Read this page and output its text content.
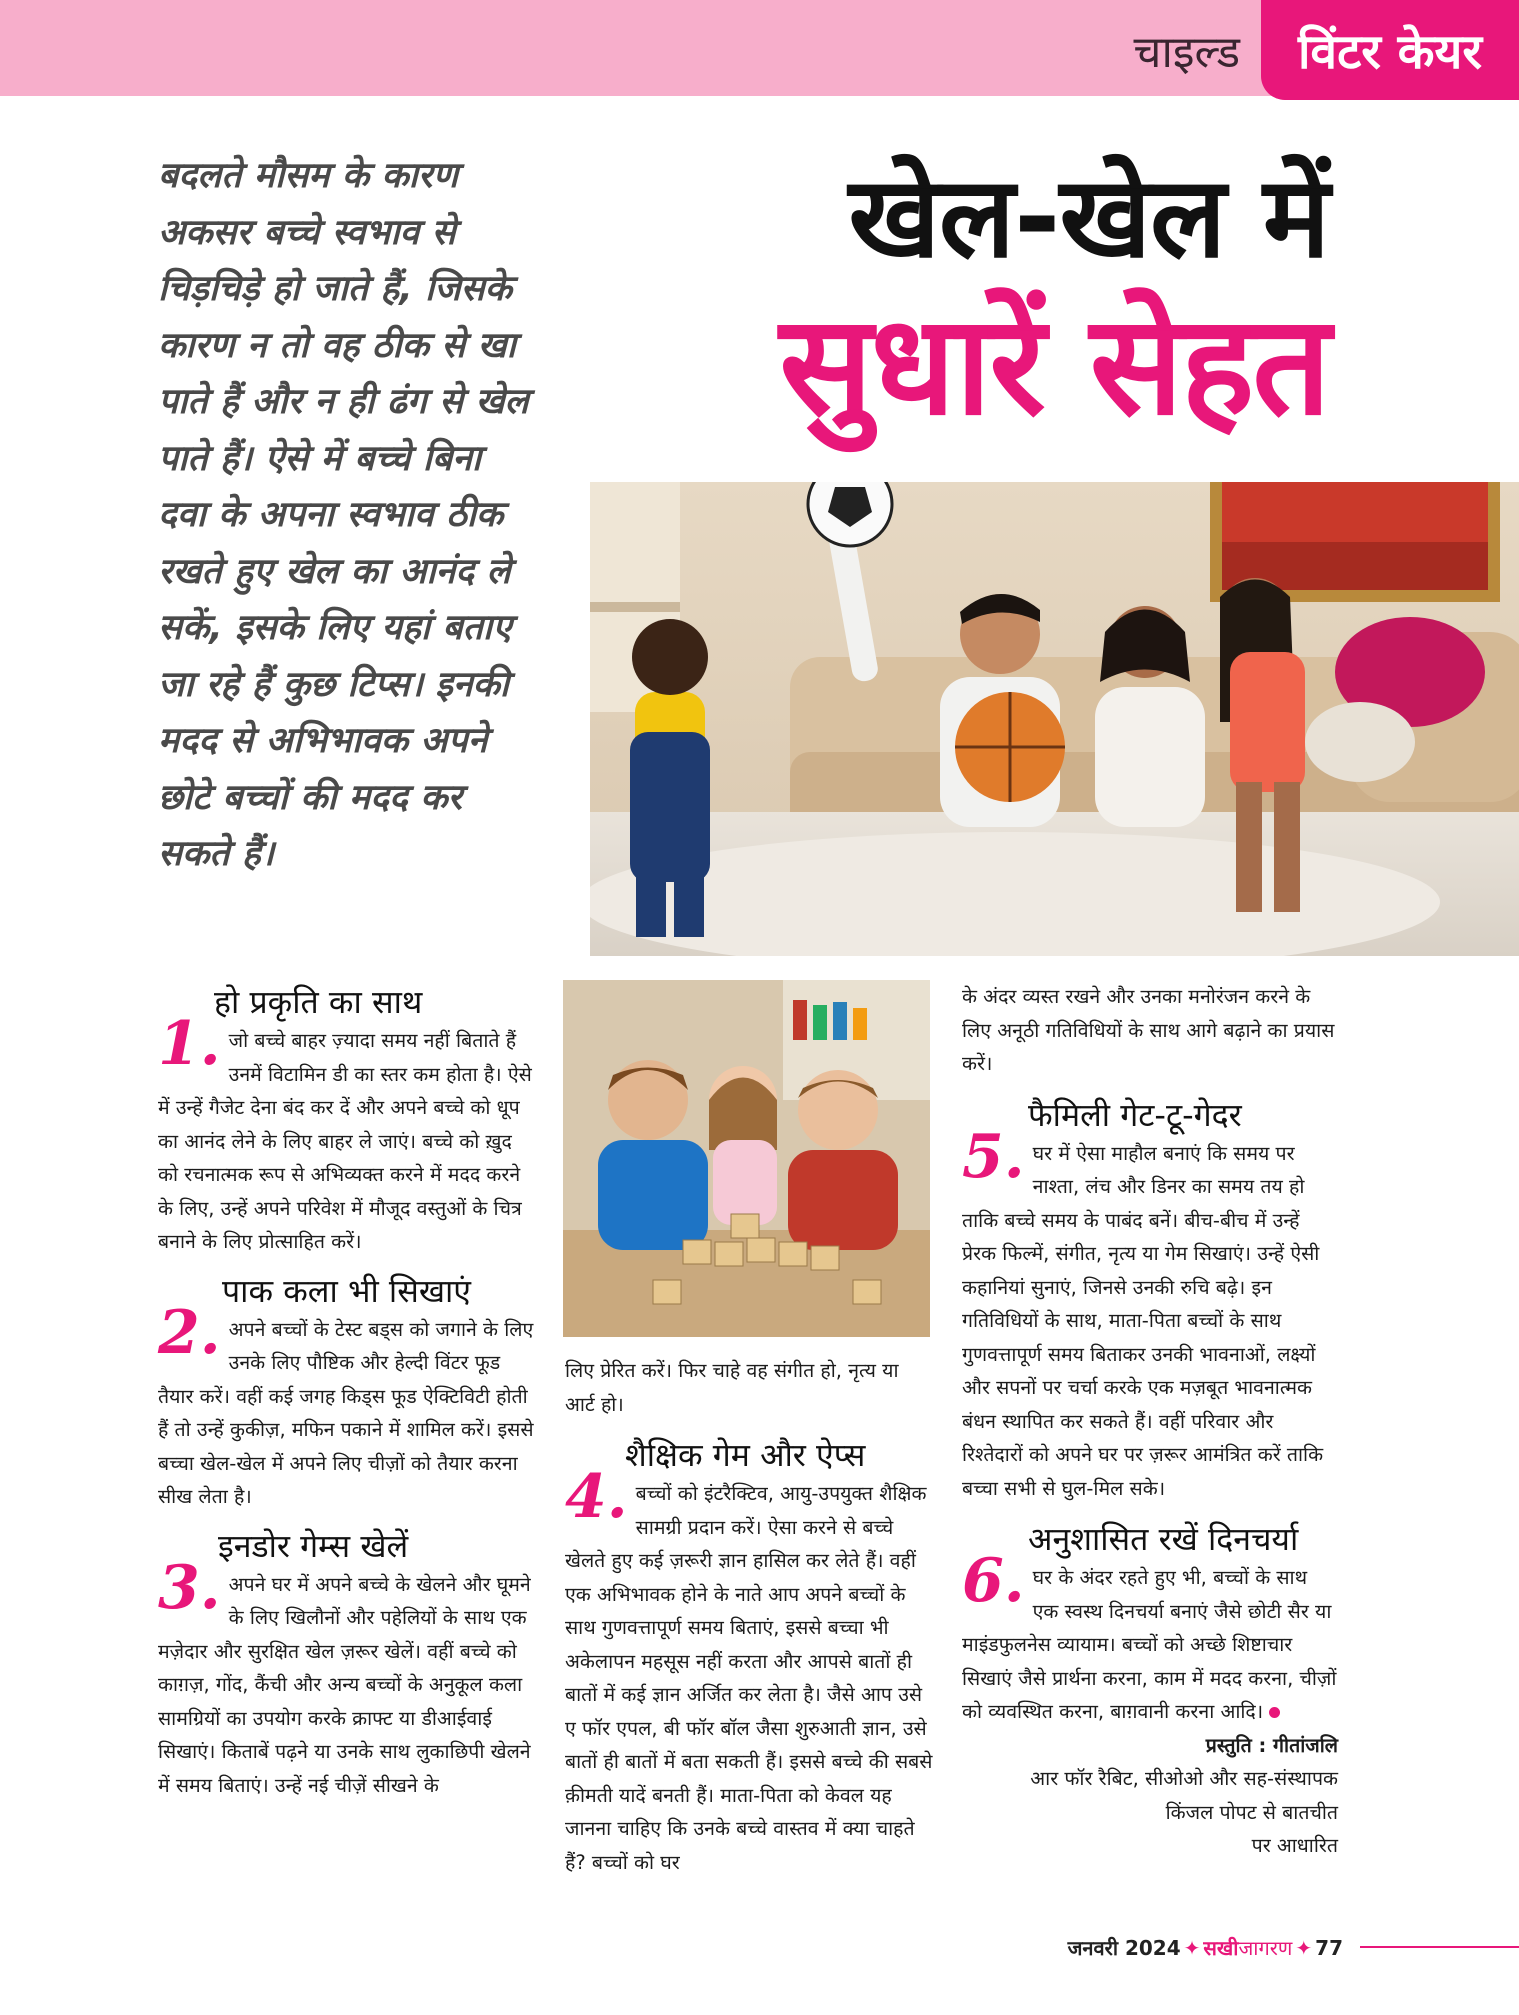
चाइल्ड	विंटर केयर
बदलते मौसम के कारण अकसर बच्चे स्वभाव से चिड़चिड़े हो जाते हैं, जिसके कारण न तो वह ठीक से खा पाते हैं और न ही ढंग से खेल पाते हैं। ऐसे में बच्चे बिना दवा के अपना स्वभाव ठीक रखते हुए खेल का आनंद ले सकें, इसके लिए यहां बताए जा रहे हैं कुछ टिप्स। इनकी मदद से अभिभावक अपने छोटे बच्चों की मदद कर सकते हैं।
खेल-खेल में
सुधारें सेहत
हो प्रकृति का साथ
1. जो बच्चे बाहर ज़्यादा समय नहीं बिताते हैं उनमें विटामिन डी का स्तर कम होता है। ऐसे में उन्हें गैजेट देना बंद कर दें और अपने बच्चे को धूप का आनंद लेने के लिए बाहर ले जाएं। बच्चे को ख़ुद को रचनात्मक रूप से अभिव्यक्त करने में मदद करने के लिए, उन्हें अपने परिवेश में मौजूद वस्तुओं के चित्र बनाने के लिए प्रोत्साहित करें।

पाक कला भी सिखाएं
2. अपने बच्चों के टेस्ट बड्स को जगाने के लिए उनके लिए पौष्टिक और हेल्दी विंटर फूड तैयार करें। वहीं कई जगह किड्स फूड ऐक्टिविटी होती हैं तो उन्हें कुकीज़, मफिन पकाने में शामिल करें। इससे बच्चा खेल-खेल में अपने लिए चीज़ों को तैयार करना सीख लेता है।

इनडोर गेम्स खेलें
3. अपने घर में अपने बच्चे के खेलने और घूमने के लिए खिलौनों और पहेलियों के साथ एक मज़ेदार और सुरक्षित खेल ज़रूर खेलें। वहीं बच्चे को काग़ज़, गोंद, कैंची और अन्य बच्चों के अनुकूल कला सामग्रियों का उपयोग करके क्राफ्ट या डीआईवाई सिखाएं। किताबें पढ़ने या उनके साथ लुकाछिपी खेलने में समय बिताएं। उन्हें नई चीज़ें सीखने के

लिए प्रेरित करें। फिर चाहे वह संगीत हो, नृत्य या आर्ट हो।

शैक्षिक गेम और ऐप्स
4. बच्चों को इंटरैक्टिव, आयु-उपयुक्त शैक्षिक सामग्री प्रदान करें। ऐसा करने से बच्चे खेलते हुए कई ज़रूरी ज्ञान हासिल कर लेते हैं। वहीं एक अभिभावक होने के नाते आप अपने बच्चों के साथ गुणवत्तापूर्ण समय बिताएं, इससे बच्चा भी अकेलापन महसूस नहीं करता और आपसे बातों ही बातों में कई ज्ञान अर्जित कर लेता है। जैसे आप उसे ए फॉर एपल, बी फॉर बॉल जैसा शुरुआती ज्ञान, उसे बातों ही बातों में बता सकती हैं। इससे बच्चे की सबसे क़ीमती यादें बनती हैं। माता-पिता को केवल यह जानना चाहिए कि उनके बच्चे वास्तव में क्या चाहते हैं? बच्चों को घर

के अंदर व्यस्त रखने और उनका मनोरंजन करने के लिए अनूठी गतिविधियों के साथ आगे बढ़ाने का प्रयास करें।

फैमिली गेट-टू-गेदर
5. घर में ऐसा माहौल बनाएं कि समय पर नाश्ता, लंच और डिनर का समय तय हो ताकि बच्चे समय के पाबंद बनें। बीच-बीच में उन्हें प्रेरक फिल्में, संगीत, नृत्य या गेम सिखाएं। उन्हें ऐसी कहानियां सुनाएं, जिनसे उनकी रुचि बढ़े। इन गतिविधियों के साथ, माता-पिता बच्चों के साथ गुणवत्तापूर्ण समय बिताकर उनकी भावनाओं, लक्ष्यों और सपनों पर चर्चा करके एक मज़बूत भावनात्मक बंधन स्थापित कर सकते हैं। वहीं परिवार और रिश्तेदारों को अपने घर पर ज़रूर आमंत्रित करें ताकि बच्चा सभी से घुल-मिल सके।

अनुशासित रखें दिनचर्या
6. घर के अंदर रहते हुए भी, बच्चों के साथ एक स्वस्थ दिनचर्या बनाएं जैसे छोटी सैर या माइंडफुलनेस व्यायाम। बच्चों को अच्छे शिष्टाचार सिखाएं जैसे प्रार्थना करना, काम में मदद करना, चीज़ों को व्यवस्थित करना, बाग़वानी करना आदि।

प्रस्तुति : गीतांजलि
आर फॉर रैबिट, सीओओ और सह-संस्थापक
किंजल पोपट से बातचीत
पर आधारित
जनवरी 2024 ✦ सखीजागरण ✦ 77
